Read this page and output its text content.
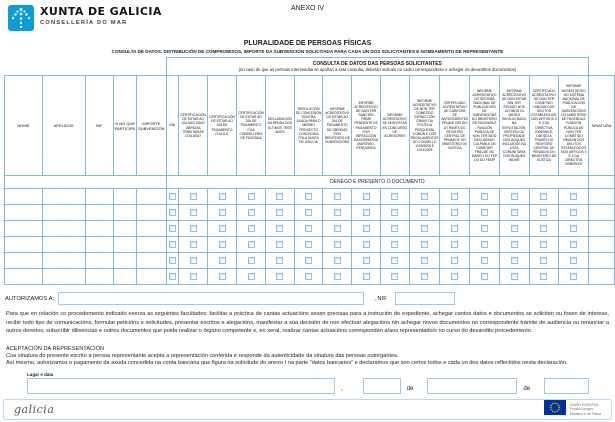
XUNTA DE GALICIA
CONSELLERÍA DO MAR
ANEXO IV
PLURALIDADE DE PERSOAS FÍSICAS
CONSULTA DE DATOS, DISTRIBUCIÓN DE COMPROMISOS, IMPORTE DA SUBVENCIÓN SOLICITADA PARA CADA UN DOS SOLICITANTES E NOMEAMENTO DE REPRESENTANTE

					CONSULTA DE DATOS DAS PERSOAS SOLICITANTES
(no caso de que as persoas interesadas se opoñan a esta consulta, deberán indicalo no cadro correspondente e achegar os devanditos documentos)															

NOME	APELIDOS	NIF	% NO QUE PARTICIPA	IMPORTE SUBVENCIÓN	DNI	CERTIFICACIÓN DE ESTAR AO DÍA DAS SÚAS OBRIGAS TRIBUTARIAS COA AEAT	CERTIFICACIÓN DE ESTAR AO DÍA DE PAGAMENTO COA S.S.	CERTIFICACIÓN DE ESTAR AO DÍA DE PAGAMENTO COA CONSELLERÍA DE FACENDA	DECLARACIÓN DA RENDA DOS ÚLTIMOS TRES ANOS	RESOLUCIÓN DE CONCESIÓN DOUTRA AXUDA PARA O MESMO PROXECTO CONCEDIDA POLA XUNTA DE GALICIA	INFORME ACREDITATIVO DE ESTAR AO DÍA DE PAGAMENTO DE OBRIGAS POR REINTEGRO DE SUBVENCIÓNS	INFORME ACREDITATIVO DE NON TER SANCIÓN FIRME PENDENTE DE PAGAMENTO POR INFRACCIÓN DA NORMATIVA MARÍTIMO-PESQUEIRA	INFORME ACREDITATIVO DE NON ESTAR EN CONCURSO DE ACREDORES	INFORME ACREDITATIVO DE NON TER COMETIDO INFRACCIÓN GRAVE DA POLÍTICA PESQUEIRA COMÚN E DOS REGULAMENTOS DO CONSELLO 1005/2008 E 1224/2009	CERTIFICADO ACREDITATIVO DE CARECER DE ANTECEDENTES PENAIS OBTIDO A TRAVÉS DO REXISTRO CENTRAL DE PENADOS DO MINISTERIO DE XUSTIZA	INFORME ACREDITATIVO DO SISTEMA NACIONAL DE PUBLICACIÓN DE SUBVENCIÓNS DO MINISTERIO DE FACENDA E FUNCIÓN PÚBLICA DE NON TER SIDO DECLARADO CULPABLE DE COMETER FRAUDE NO MARCO DO FEP OU DO FEMP	INFORME ACREDITATIVO DE NON ESTAR NIN TER ESTADO NOS ÚLTIMOS 24 MESES INVOLUCRADO NA EXPLOTACIÓN, XESTIÓN OU PROPIEDADE DOS BUQUES INCLUÍDOS NA LISTA COMUNITARIA DOS BUQUES INDNR	CERTIFICADO ACREDITATIVO DE NON TER COMETIDO NINGÚN DOS DELITOS ESTABLECIDOS NOS ARTIGOS 3 E 4 DA DIRECTIVA 2008/99/CE, OBTIDO A TRAVÉS DO REXISTRO CENTRAL DE PENADOS DO MINISTERIO DE XUSTIZA	INFORME ACREDITATIVO DO SISTEMA NACIONAL DE PUBLICACIÓN DE SUBVENCIÓNS DO MINISTERIO DE FACENDA E FUNCIÓN PÚBLICA DE NON TER COMETIDO NINGÚN DOS DELITOS ESTABLECIDOS NOS ARTIGOS 3 E 4 DA DIRECTIVA 2008/99/CE	SINATURA
					DENEGO E PRESENTO O DOCUMENTO															

AUTORIZAMOS A:	, NIF
Para que en relación co procedemento indicado exerza as seguintes facultades: facilitar a práctica de cantas actuacións sexan precisas para a instrución do expediente, achegar cantos datos e documentos se soliciten ou fosen de interese, recibir todo tipo de comunicacións, formular peticións e solicitudes, presentar escritos e alegacións, manifestar a súa decisión de non efectuar alegacións nin achegar novos documentos no correspondente trámite de audiencia ou renunciar a outros dereitos, subscribir dilixencias e outros documentos que poida realizar o órgano competente e, en xeral, realizar cantas actuacións correspondan a/aos representado/s no curso do devandito procedemento.
ACEPTACIÓN DA REPRESENTACIÓN
Coa sinatura do presente escrito a persoa representante acepta a representación conferida e responde da autenticidade da sinatura das persoas outorgantes.
Así mesmo, autorizamos o pagamento da axuda concedida na conta bancaria que figura na solicitude do anexo I na parte “datos bancarios” e declaramos que son certos todos e cada un dos datos reflectidos nesta declaración.
Lugar e data
,	de	de
galicia	UNIÓN EUROPEA
Fondo Europeo
Marítimo e de Pesca
